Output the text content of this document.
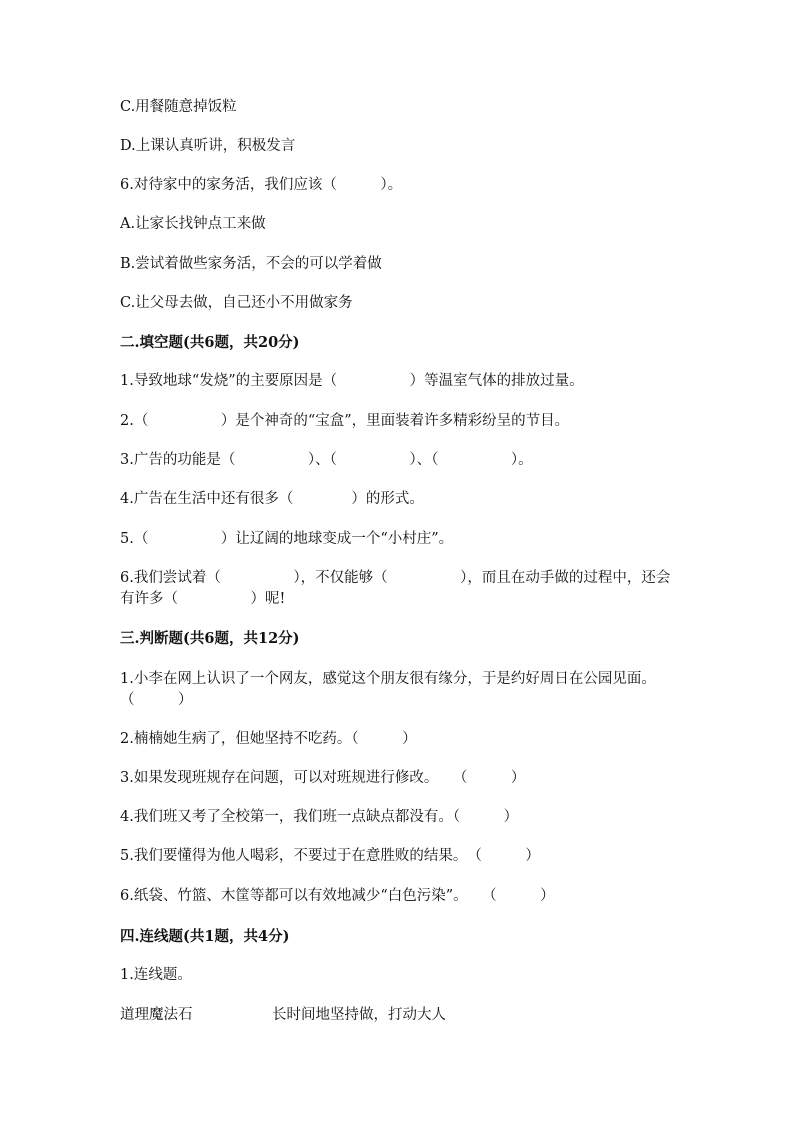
C.用餐随意掉饭粒
D.上课认真听讲，积极发言
6.对待家中的家务活，我们应该（　　　）。
A.让家长找钟点工来做
B.尝试着做些家务活，不会的可以学着做
C.让父母去做，自己还小不用做家务
二.填空题(共6题，共20分)
1.导致地球“发烧”的主要原因是（　　　　　）等温室气体的排放过量。
2.（　　　　　）是个神奇的“宝盒”，里面装着许多精彩纷呈的节目。
3.广告的功能是（　　　　　）、（　　　　　）、（　　　　　）。
4.广告在生活中还有很多（　　　　）的形式。
5.（　　　　　）让辽阔的地球变成一个“小村庄”。
6.我们尝试着（　　　　　），不仅能够（　　　　　），而且在动手做的过程中，还会有许多（　　　　　）呢!
三.判断题(共6题，共12分)
1.小李在网上认识了一个网友，感觉这个朋友很有缘分，于是约好周日在公园见面。（　　　）
2.楠楠她生病了，但她坚持不吃药。（　　　）
3.如果发现班规存在问题，可以对班规进行修改。　　（　　　）
4.我们班又考了全校第一，我们班一点缺点都没有。（　　　）
5.我们要懂得为他人喝彩，不要过于在意胜败的结果。　（　　　）
6.纸袋、竹篮、木筐等都可以有效地减少“白色污染”。　　（　　　）
四.连线题(共1题，共4分)
1.连线题。
道理魔法石	长时间地坚持做，打动大人
